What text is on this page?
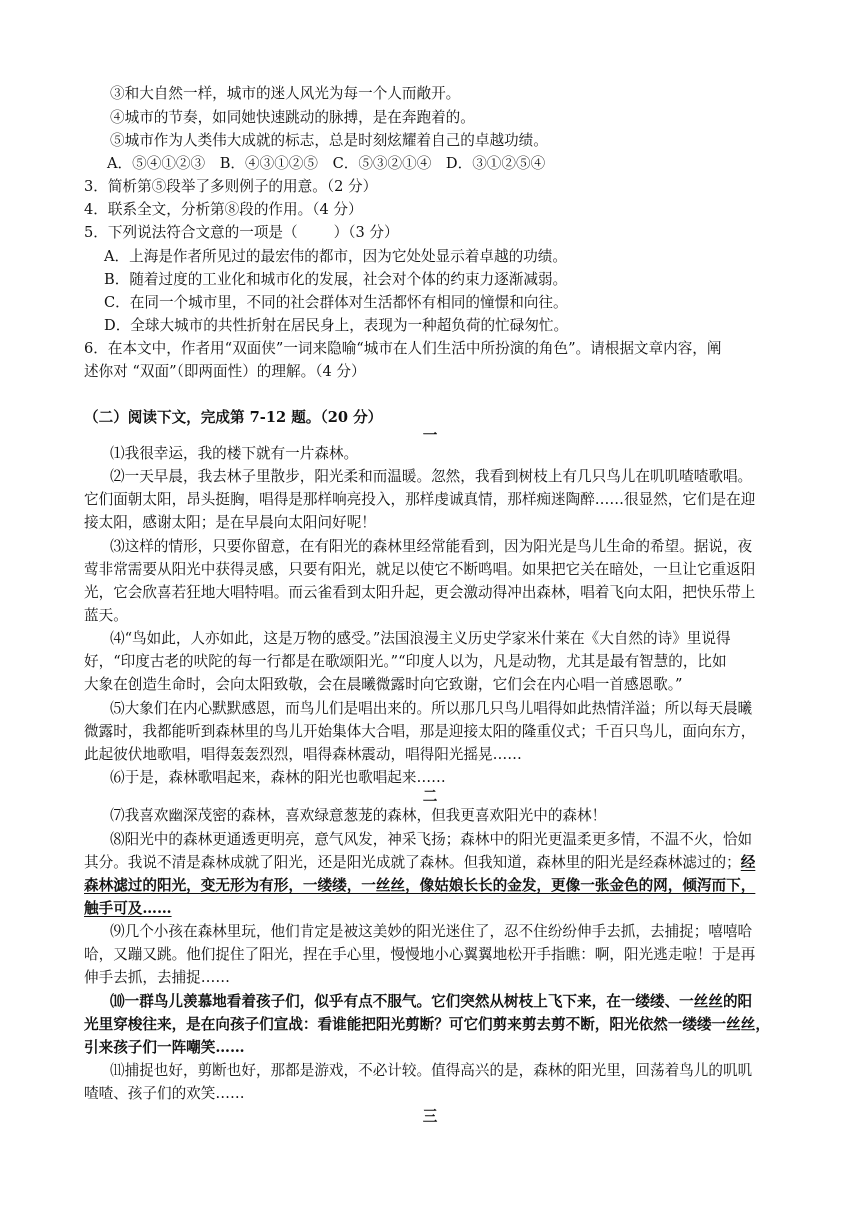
③和大自然一样，城市的迷人风光为每一个人而敞开。
④城市的节奏，如同她快速跳动的脉搏，是在奔跑着的。
⑤城市作为人类伟大成就的标志，总是时刻炫耀着自己的卓越功绩。
A．⑤④①②③　B．④③①②⑤　C．⑤③②①④　D．③①②⑤④
3．简析第⑤段举了多则例子的用意。（2 分）
4．联系全文，分析第⑧段的作用。（4 分）
5．下列说法符合文意的一项是（ ）（3 分）
A．上海是作者所见过的最宏伟的都市，因为它处处显示着卓越的功绩。
B．随着过度的工业化和城市化的发展，社会对个体的约束力逐渐减弱。
C．在同一个城市里，不同的社会群体对生活都怀有相同的憧憬和向往。
D．全球大城市的共性折射在居民身上，表现为一种超负荷的忙碌匆忙。
6．在本文中，作者用“双面侠”一词来隐喻“城市在人们生活中所扮演的角色”。请根据文章内容，阐
述你对 “双面”（即两面性）的理解。（4 分）
（二）阅读下文，完成第 7-12 题。（20 分）
一
⑴我很幸运，我的楼下就有一片森林。
⑵一天早晨，我去林子里散步，阳光柔和而温暖。忽然，我看到树枝上有几只鸟儿在叽叽喳喳歌唱。
它们面朝太阳，昂头挺胸，唱得是那样响亮投入，那样虔诚真情，那样痴迷陶醉……很显然，它们是在迎
接太阳，感谢太阳；是在早晨向太阳问好呢！
⑶这样的情形，只要你留意，在有阳光的森林里经常能看到，因为阳光是鸟儿生命的希望。据说，夜
莺非常需要从阳光中获得灵感，只要有阳光，就足以使它不断鸣唱。如果把它关在暗处，一旦让它重返阳
光，它会欣喜若狂地大唱特唱。而云雀看到太阳升起，更会激动得冲出森林，唱着飞向太阳，把快乐带上
蓝天。
⑷“鸟如此，人亦如此，这是万物的感受。”法国浪漫主义历史学家米什莱在《大自然的诗》里说得
好，“印度古老的吠陀的每一行都是在歌颂阳光。”“印度人以为，凡是动物，尤其是最有智慧的，比如
大象在创造生命时，会向太阳致敬，会在晨曦微露时向它致谢，它们会在内心唱一首感恩歌。”
⑸大象们在内心默默感恩，而鸟儿们是唱出来的。所以那几只鸟儿唱得如此热情洋溢；所以每天晨曦
微露时，我都能听到森林里的鸟儿开始集体大合唱，那是迎接太阳的隆重仪式；千百只鸟儿，面向东方，
此起彼伏地歌唱，唱得轰轰烈烈，唱得森林震动，唱得阳光摇晃……
⑹于是，森林歌唱起来，森林的阳光也歌唱起来……
二
⑺我喜欢幽深茂密的森林，喜欢绿意葱茏的森林，但我更喜欢阳光中的森林！
⑻阳光中的森林更通透更明亮，意气风发，神采飞扬；森林中的阳光更温柔更多情，不温不火，恰如
其分。我说不清是森林成就了阳光，还是阳光成就了森林。但我知道，森林里的阳光是经森林滤过的；经
森林滤过的阳光，变无形为有形，一缕缕，一丝丝，像姑娘长长的金发，更像一张金色的网，倾泻而下，
触手可及……
⑼几个小孩在森林里玩，他们肯定是被这美妙的阳光迷住了，忍不住纷纷伸手去抓，去捕捉；嘻嘻哈
哈，又蹦又跳。他们捉住了阳光，捏在手心里，慢慢地小心翼翼地松开手指瞧：啊，阳光逃走啦！于是再
伸手去抓，去捕捉……
⑽一群鸟儿羡慕地看着孩子们，似乎有点不服气。它们突然从树枝上飞下来，在一缕缕、一丝丝的阳
光里穿梭往来，是在向孩子们宣战：看谁能把阳光剪断？可它们剪来剪去剪不断，阳光依然一缕缕一丝丝，
引来孩子们一阵嘲笑……
⑾捕捉也好，剪断也好，那都是游戏，不必计较。值得高兴的是，森林的阳光里，回荡着鸟儿的叽叽
喳喳、孩子们的欢笑……
三
